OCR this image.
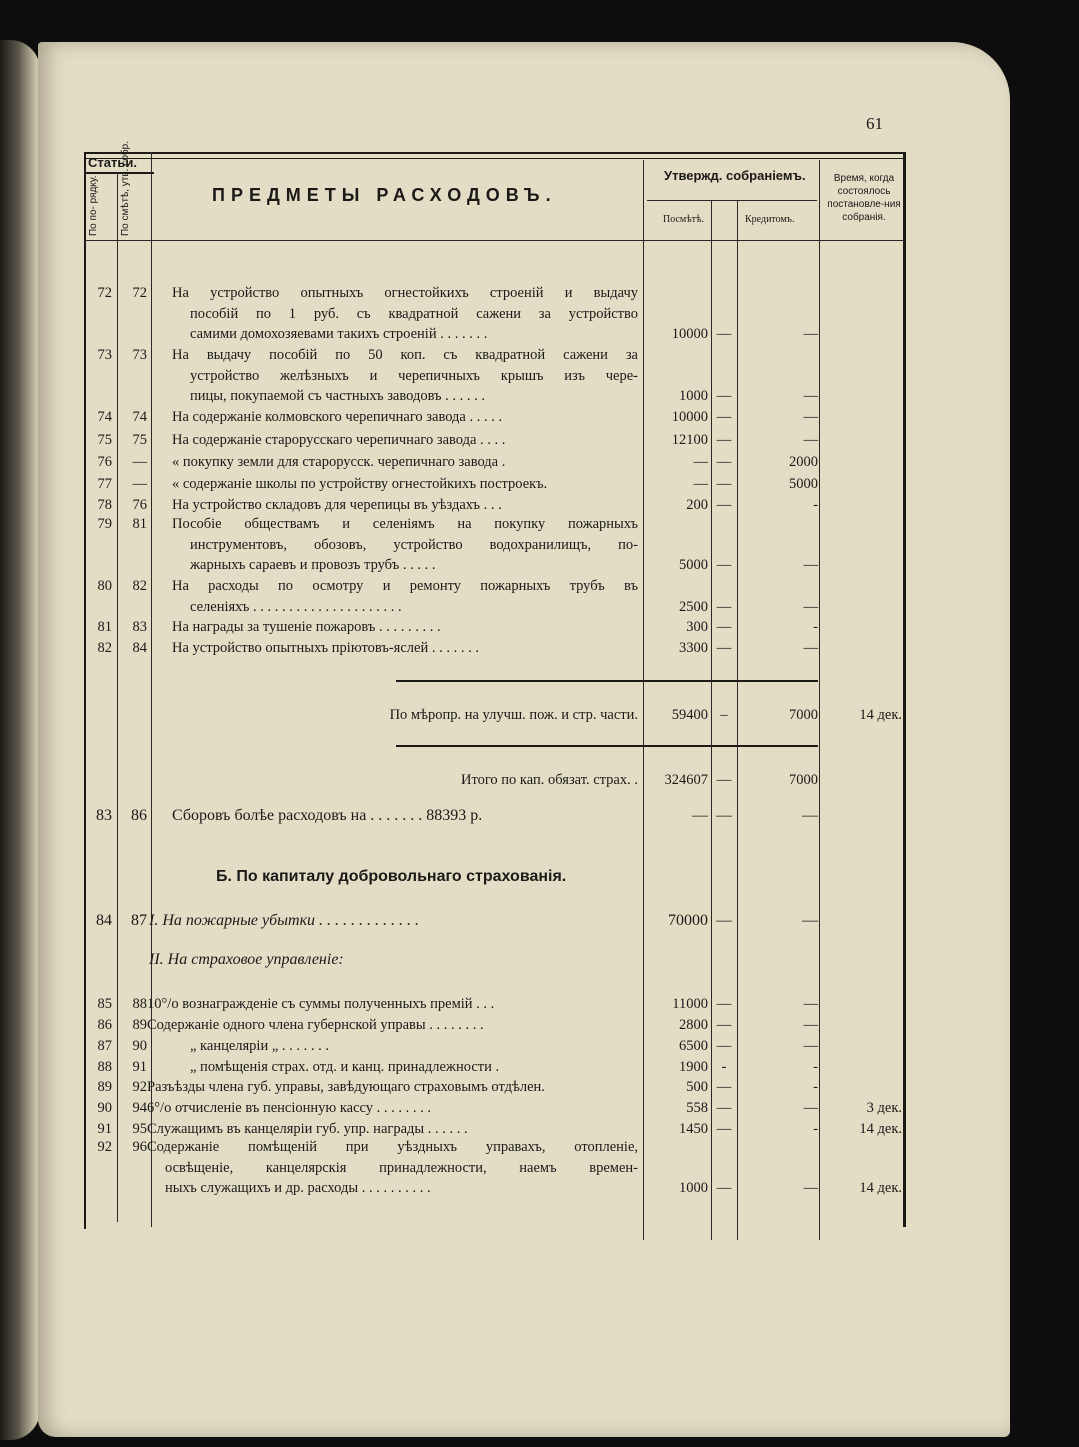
61
Статьи.
По по- рядку. По смѣтѣ, утв. собр.	ПРЕДМЕТЫ РАСХОДОВЪ.
Утвержд. собраніемъ.
Посмѣтѣ.	Кредитомъ.
Время, когда состоялось постановле-ния собранія.
72	72 На устройство опытныхъ огнестойкихъ строеній и выдачу
пособій по 1 руб. съ квадратной сажени за устройство
самими домохозяевами такихъ строеній . . . . . . .	10000 —	—
73	73 На выдачу пособій по 50 коп. съ квадратной сажени за
устройство желѣзныхъ и черепичныхъ крышъ изъ чере-
пицы, покупаемой съ частныхъ заводовъ . . . . . .	1000 —	—
74	74 На содержаніе колмовского черепичнаго завода . . . . .	10000 —	—
75	75 На содержаніе старорусскаго черепичнаго завода . . . .	12100 —	—
76	— « покупку земли для старорусск. черепичнаго завода .	— —	2000
77	— « содержаніе школы по устройству огнестойкихъ построекъ.	— —	5000
78	76 На устройство складовъ для черепицы въ уѣздахъ . . .	200 —	-
79	81 Пособіе обществамъ и селеніямъ на покупку пожарныхъ
инструментовъ, обозовъ, устройство водохранилищъ, по-
жарныхъ сараевъ и провозъ трубъ . . . . .	5000 —	—
80	82 На расходы по осмотру и ремонту пожарныхъ трубъ въ
селеніяхъ . . . . . . . . . . . . . . . . . . . . .	2500 —	—
81	83 На награды за тушеніе пожаровъ . . . . . . . . .	300 —	-
82	84 На устройство опытныхъ пріютовъ-яслей . . . . . . .	3300 —	—
По мѣропр. на улучш. пож. и стр. части.	59400 –	7000	14 дек.
Итого по кап. обязат. страх. .	324607 —	7000
83	86 Сборовъ болѣе расходовъ на . . . . . . . 88393 р.	— —	—
Б. По капиталу добровольнаго страхованія.
84	87 I. На пожарные убытки . . . . . . . . . . . . .	70000 —	—
II. На страховое управленіе:
85	88 10°/o вознагражденіе съ суммы полученныхъ премій . . .	11000 —	—
86	89 Содержаніе одного члена губернской управы . . . . . . . .	2800 —	—
87	90	„ канцеляріи „ . . . . . . .	6500 —	—
88	91	„ помѣщенія страх. отд. и канц. принадлежности .	1900 -	-
89	92 Разъѣзды члена губ. управы, завѣдующаго страховымъ отдѣлен.	500 —	-
90	94 6°/o отчисленіе въ пенсіонную кассу . . . . . . . .	558 —	—	3 дек.
91	95 Служащимъ въ канцеляріи губ. упр. награды . . . . . .	1450 —	-	14 дек.
92	96 Содержаніе помѣщеній при уѣздныхъ управахъ, отопленіе,
освѣщеніе, канцелярскія принадлежности, наемъ времен-
ныхъ служащихъ и др. расходы . . . . . . . . . .	1000 —	—	14 дек.
